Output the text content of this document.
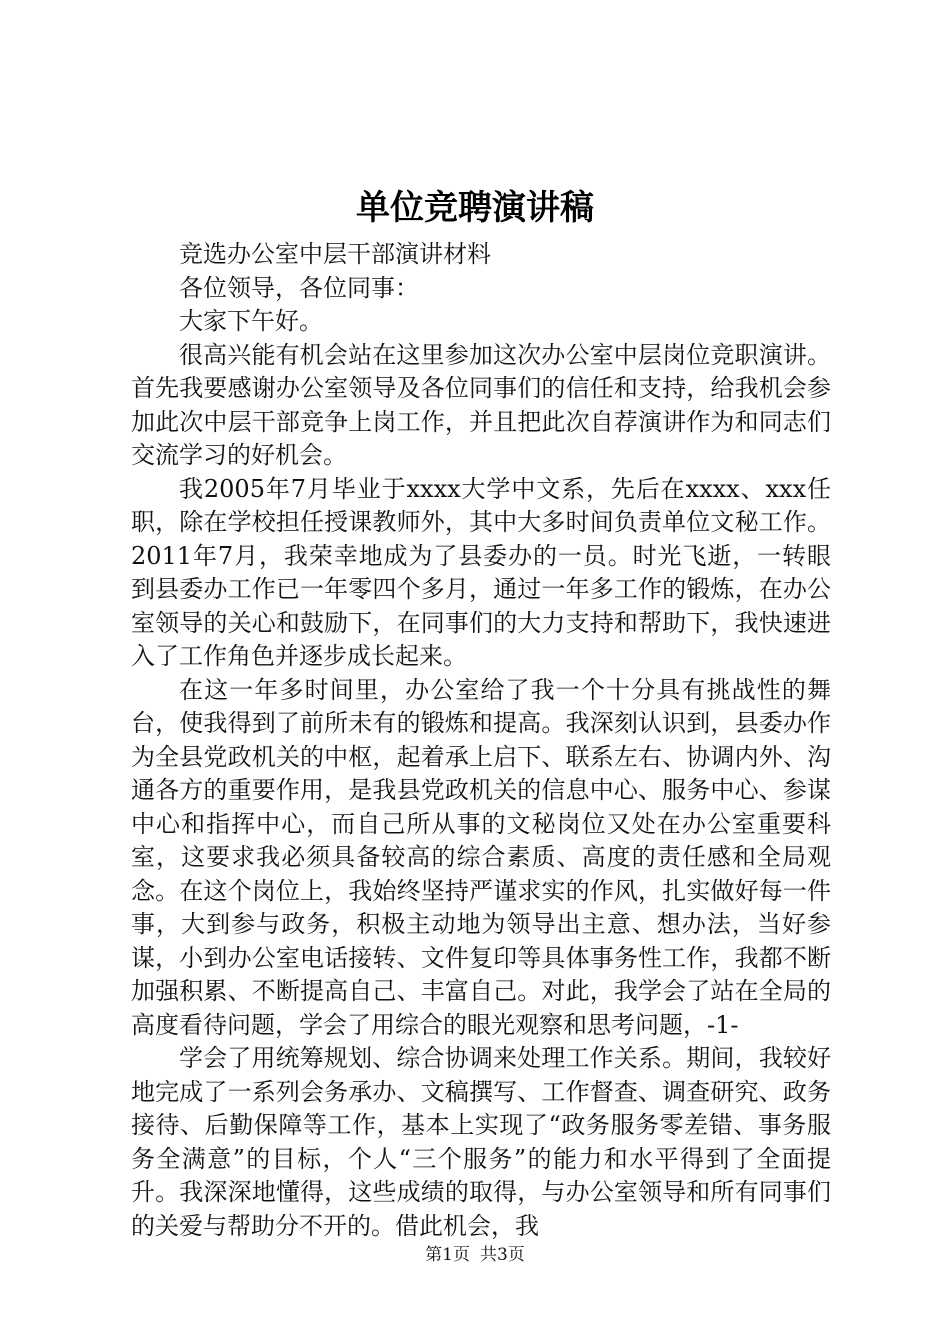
单位竞聘演讲稿

竞选办公室中层干部演讲材料

各位领导，各位同事：

大家下午好。

很高兴能有机会站在这里参加这次办公室中层岗位竞职演讲。首先我要感谢办公室领导及各位同事们的信任和支持，给我机会参加此次中层干部竞争上岗工作，并且把此次自荐演讲作为和同志们交流学习的好机会。

我2005年7月毕业于xxxx大学中文系，先后在xxxx、xxx任职，除在学校担任授课教师外，其中大多时间负责单位文秘工作。2011年7月，我荣幸地成为了县委办的一员。时光飞逝，一转眼到县委办工作已一年零四个多月，通过一年多工作的锻炼，在办公室领导的关心和鼓励下，在同事们的大力支持和帮助下，我快速进入了工作角色并逐步成长起来。

在这一年多时间里，办公室给了我一个十分具有挑战性的舞台，使我得到了前所未有的锻炼和提高。我深刻认识到，县委办作为全县党政机关的中枢，起着承上启下、联系左右、协调内外、沟通各方的重要作用，是我县党政机关的信息中心、服务中心、参谋中心和指挥中心，而自己所从事的文秘岗位又处在办公室重要科室，这要求我必须具备较高的综合素质、高度的责任感和全局观念。在这个岗位上，我始终坚持严谨求实的作风，扎实做好每一件事，大到参与政务，积极主动地为领导出主意、想办法，当好参谋，小到办公室电话接转、文件复印等具体事务性工作，我都不断加强积累、不断提高自己、丰富自己。对此，我学会了站在全局的高度看待问题，学会了用综合的眼光观察和思考问题，-1-

学会了用统筹规划、综合协调来处理工作关系。期间，我较好地完成了一系列会务承办、文稿撰写、工作督查、调查研究、政务接待、后勤保障等工作，基本上实现了“政务服务零差错、事务服务全满意”的目标，个人“三个服务”的能力和水平得到了全面提升。我深深地懂得，这些成绩的取得，与办公室领导和所有同事们的关爱与帮助分不开的。借此机会，我

第1页 共3页
